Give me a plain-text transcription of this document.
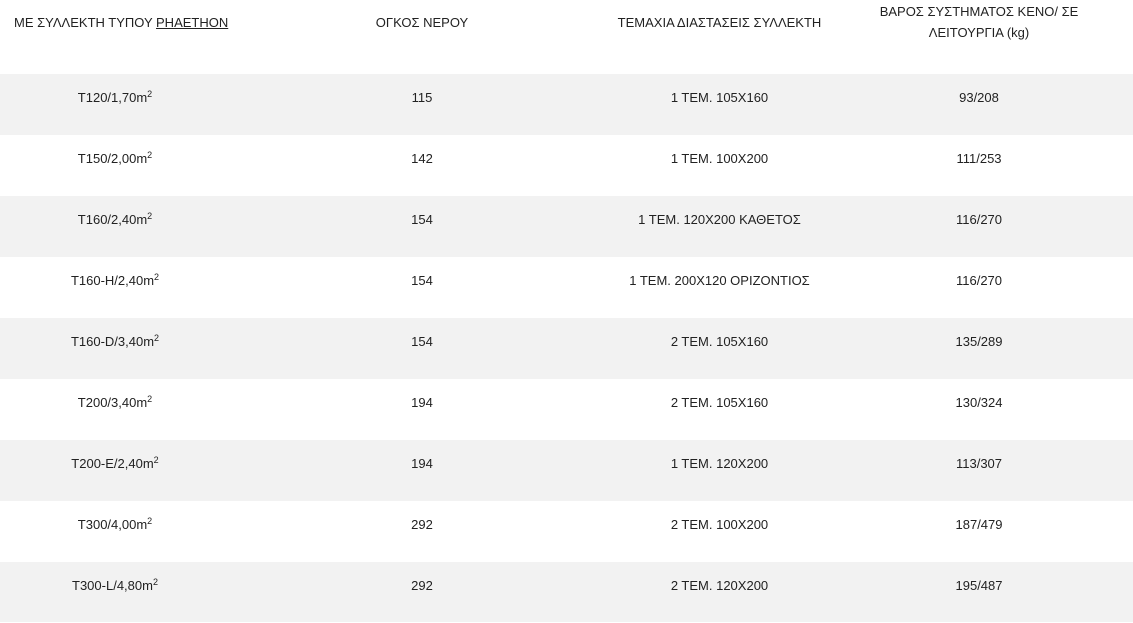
ΜΕ ΣΥΛΛΕΚΤΗ ΤΥΠΟΥ PHAETHON	ΟΓΚΟΣ ΝΕΡΟΥ	ΤΕΜΑΧΙΑ ΔΙΑΣΤΑΣΕΙΣ ΣΥΛΛΕΚΤΗ	ΒΑΡΟΣ ΣΥΣΤΗΜΑΤΟΣ ΚΕΝΟ/ ΣΕ
ΛΕΙΤΟΥΡΓΙΑ (kg)

$T120/1,70m^2$	115	1 ΤΕΜ. 105Χ160	93/208
$T150/2,00m^2$	142	1 ΤΕΜ. 100Χ200	111/253
$T160/2,40m^2$	154	1 ΤΕΜ. 120Χ200 ΚΑΘΕΤΟΣ	116/270
$T160-H/2,40m^2$	154	1 ΤΕΜ. 200Χ120 ΟΡΙΖΟΝΤΙΟΣ	116/270
$T160-D/3,40m^2$	154	2 ΤΕΜ. 105Χ160	135/289
$T200/3,40m^2$	194	2 ΤΕΜ. 105Χ160	130/324
$T200-E/2,40m^2$	194	1 ΤΕΜ. 120Χ200	113/307
$T300/4,00m^2$	292	2 ΤΕΜ. 100Χ200	187/479
$T300-L/4,80m^2$	292	2 ΤΕΜ. 120Χ200	195/487
